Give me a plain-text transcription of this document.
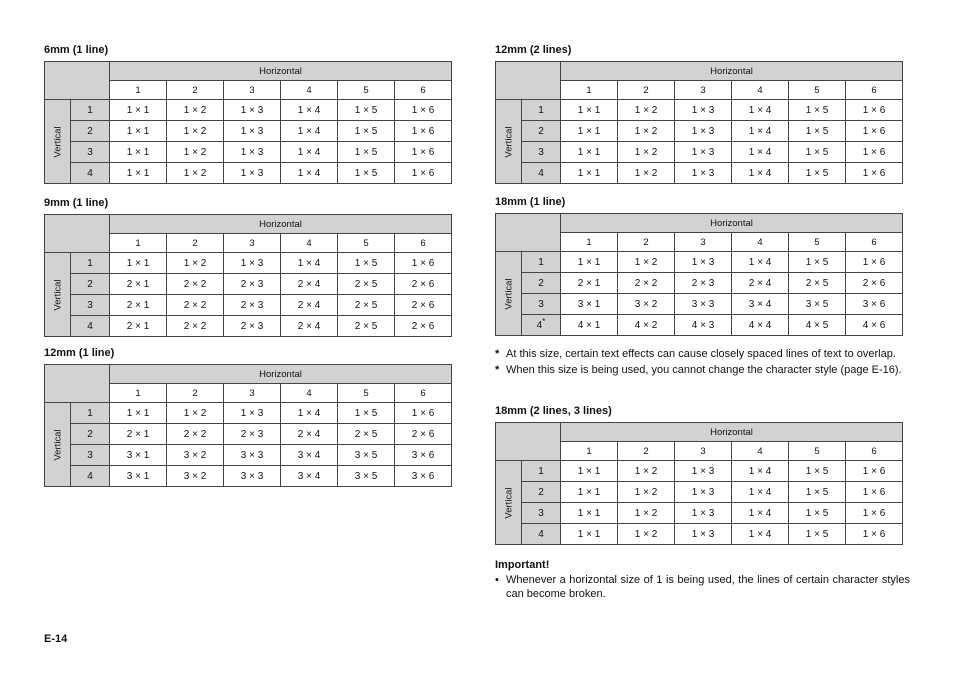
6mm (1 line)
		Horizontal					
		1	2	3	4	5	6

Vertical	1	1 × 1	1 × 2	1 × 3	1 × 4	1 × 5	1 × 6
	2	1 × 1	1 × 2	1 × 3	1 × 4	1 × 5	1 × 6
	3	1 × 1	1 × 2	1 × 3	1 × 4	1 × 5	1 × 6
	4	1 × 1	1 × 2	1 × 3	1 × 4	1 × 5	1 × 6
9mm (1 line)
		Horizontal					
		1	2	3	4	5	6

Vertical	1	1 × 1	1 × 2	1 × 3	1 × 4	1 × 5	1 × 6
	2	2 × 1	2 × 2	2 × 3	2 × 4	2 × 5	2 × 6
	3	2 × 1	2 × 2	2 × 3	2 × 4	2 × 5	2 × 6
	4	2 × 1	2 × 2	2 × 3	2 × 4	2 × 5	2 × 6
12mm (1 line)
		Horizontal					
		1	2	3	4	5	6

Vertical	1	1 × 1	1 × 2	1 × 3	1 × 4	1 × 5	1 × 6
	2	2 × 1	2 × 2	2 × 3	2 × 4	2 × 5	2 × 6
	3	3 × 1	3 × 2	3 × 3	3 × 4	3 × 5	3 × 6
	4	3 × 1	3 × 2	3 × 3	3 × 4	3 × 5	3 × 6
12mm (2 lines)
		Horizontal					
		1	2	3	4	5	6

Vertical	1	1 × 1	1 × 2	1 × 3	1 × 4	1 × 5	1 × 6
	2	1 × 1	1 × 2	1 × 3	1 × 4	1 × 5	1 × 6
	3	1 × 1	1 × 2	1 × 3	1 × 4	1 × 5	1 × 6
	4	1 × 1	1 × 2	1 × 3	1 × 4	1 × 5	1 × 6
18mm (1 line)
		Horizontal					
		1	2	3	4	5	6

Vertical	1	1 × 1	1 × 2	1 × 3	1 × 4	1 × 5	1 × 6
	2	2 × 1	2 × 2	2 × 3	2 × 4	2 × 5	2 × 6
	3	3 × 1	3 × 2	3 × 3	3 × 4	3 × 5	3 × 6
	4*	4 × 1	4 × 2	4 × 3	4 × 4	4 × 5	4 × 6
18mm (2 lines, 3 lines)
		Horizontal					
		1	2	3	4	5	6

Vertical	1	1 × 1	1 × 2	1 × 3	1 × 4	1 × 5	1 × 6
	2	1 × 1	1 × 2	1 × 3	1 × 4	1 × 5	1 × 6
	3	1 × 1	1 × 2	1 × 3	1 × 4	1 × 5	1 × 6
	4	1 × 1	1 × 2	1 × 3	1 × 4	1 × 5	1 × 6
* At this size, certain text effects can cause closely spaced lines of text to overlap.
* When this size is being used, you cannot change the character style (page E-16).
Important!
• Whenever a horizontal size of 1 is being used, the lines of certain character styles can become broken.
E-14
